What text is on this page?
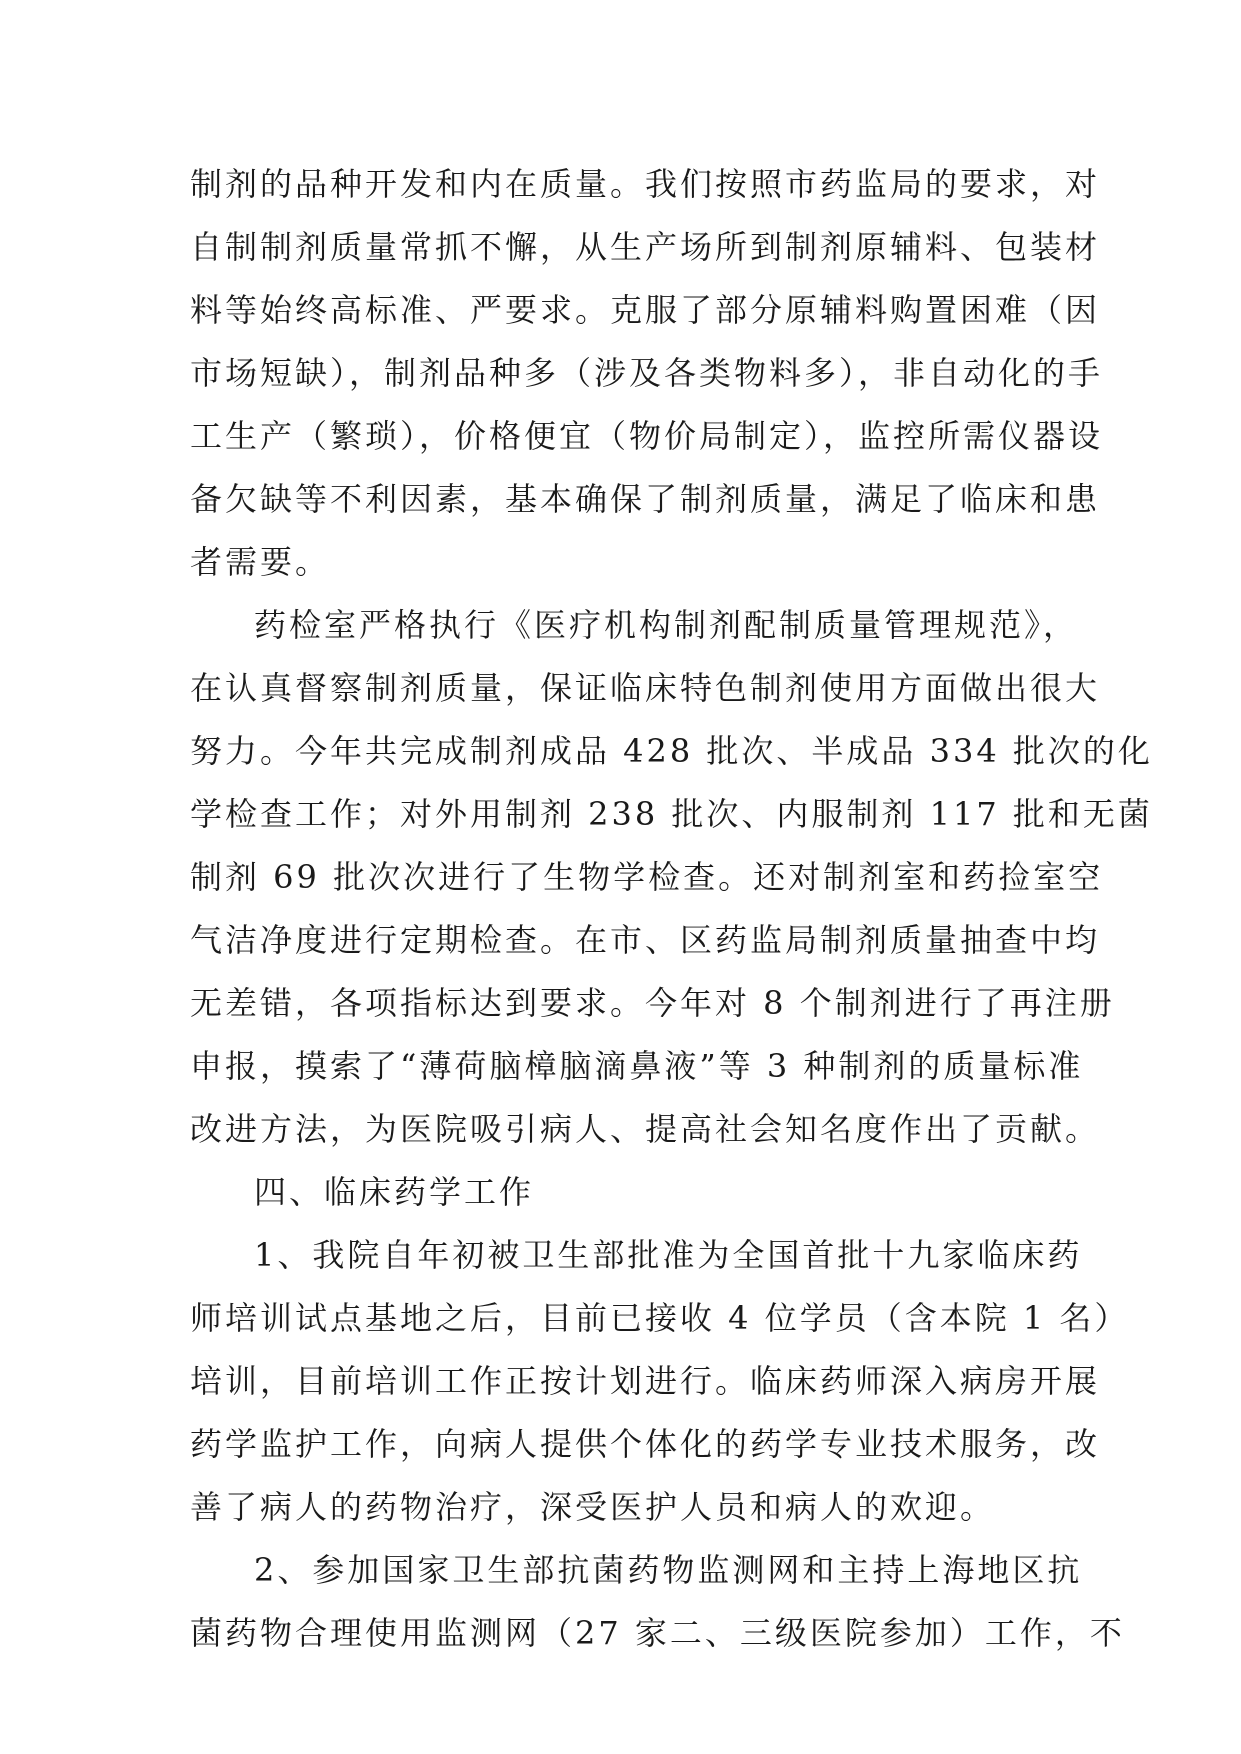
制剂的品种开发和内在质量。我们按照市药监局的要求，对
自制制剂质量常抓不懈，从生产场所到制剂原辅料、包装材
料等始终高标准、严要求。克服了部分原辅料购置困难（因
市场短缺），制剂品种多（涉及各类物料多），非自动化的手
工生产（繁琐），价格便宜（物价局制定），监控所需仪器设
备欠缺等不利因素，基本确保了制剂质量，满足了临床和患
者需要。
药检室严格执行《医疗机构制剂配制质量管理规范》，
在认真督察制剂质量，保证临床特色制剂使用方面做出很大
努力。今年共完成制剂成品 428 批次、半成品 334 批次的化
学检查工作；对外用制剂 238 批次、内服制剂 117 批和无菌
制剂 69 批次次进行了生物学检查。还对制剂室和药捡室空
气洁净度进行定期检查。在市、区药监局制剂质量抽查中均
无差错，各项指标达到要求。今年对 8 个制剂进行了再注册
申报，摸索了“薄荷脑樟脑滴鼻液”等 3 种制剂的质量标准
改进方法，为医院吸引病人、提高社会知名度作出了贡献。
四、临床药学工作
1、我院自年初被卫生部批准为全国首批十九家临床药
师培训试点基地之后，目前已接收 4 位学员（含本院 1 名）
培训，目前培训工作正按计划进行。临床药师深入病房开展
药学监护工作，向病人提供个体化的药学专业技术服务，改
善了病人的药物治疗，深受医护人员和病人的欢迎。
2、参加国家卫生部抗菌药物监测网和主持上海地区抗
菌药物合理使用监测网（27 家二、三级医院参加）工作，不
